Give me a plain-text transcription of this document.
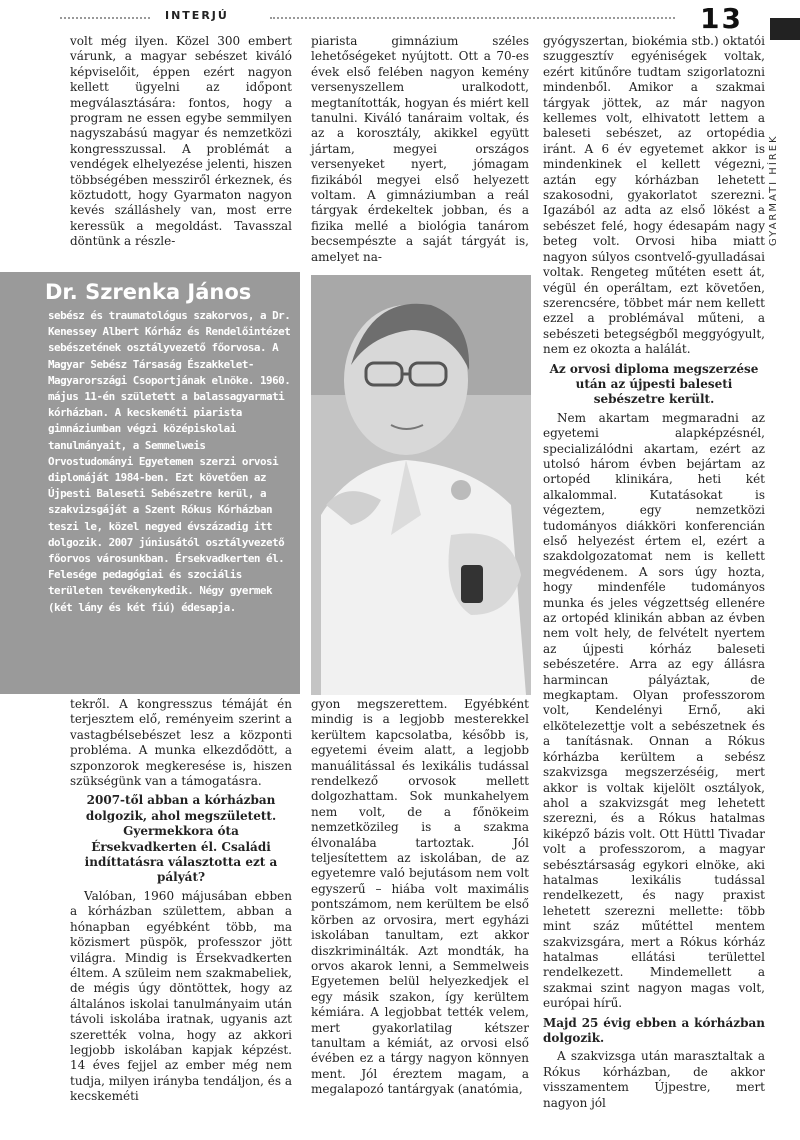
INTERJÚ	13
GYARMATI HÍREK

volt még ilyen. Közel 300 embert várunk, a magyar sebészet kiváló képviselőit, éppen ezért nagyon kellett ügyelni az időpont megválasztására: fontos, hogy a program ne essen egybe semmilyen nagyszabású magyar és nemzetközi kongresszussal. A problémát a vendégek elhelyezése jelenti, hiszen többségében messziről érkeznek, és köztudott, hogy Gyarmaton nagyon kevés szálláshely van, most erre keressük a megoldást. Tavasszal döntünk a részle-

piarista gimnázium széles lehetőségeket nyújtott. Ott a 70-es évek első felében nagyon kemény versenyszellem uralkodott, megtanították, hogyan és miért kell tanulni. Kiváló tanáraim voltak, és az a korosztály, akikkel együtt jártam, megyei országos versenyeket nyert, jómagam fizikából megyei első helyezett voltam. A gimnáziumban a reál tárgyak érdekeltek jobban, és a fizika mellé a biológia tanárom becsempészte a saját tárgyát is, amelyet na-

Dr. Szrenka János
sebész és traumatológus szakorvos, a Dr. Kenessey Albert Kórház és Rendelőintézet sebészetének osztályvezető főorvosa. A Magyar Sebész Társaság Északkelet-Magyarországi Csoportjának elnöke. 1960. május 11-én született a balassagyarmati kórházban. A kecskeméti piarista gimnáziumban végzi középiskolai tanulmányait, a Semmelweis Orvostudományi Egyetemen szerzi orvosi diplomáját 1984-ben. Ezt követően az Újpesti Baleseti Sebészetre kerül, a szakvizsgáját a Szent Rókus Kórházban teszi le, közel negyed évszázadig itt dolgozik. 2007 júniusától osztályvezető főorvos városunkban. Érsekvadkerten él. Felesége pedagógiai és szociális területen tevékenykedik. Négy gyermek (két lány és két fiú) édesapja.

tekről. A kongresszus témáját én terjesztem elő, reményeim szerint a vastagbélsebészet lesz a központi probléma. A munka elkezdődött, a szponzorok megkeresése is, hiszen szükségünk van a támogatásra.

2007-től abban a kórházban dolgozik, ahol megszületett. Gyermekkora óta Érsekvadkerten él. Családi indíttatásra választotta ezt a pályát?

Valóban, 1960 májusában ebben a kórházban születtem, abban a hónapban egyébként több, ma közismert püspök, professzor jött világra. Mindig is Érsekvadkerten éltem. A szüleim nem szakmabeliek, de mégis úgy döntöttek, hogy az általános iskolai tanulmányaim után távoli iskolába iratnak, ugyanis azt szerették volna, hogy az akkori legjobb iskolában kapjak képzést. 14 éves fejjel az ember még nem tudja, milyen irányba tendáljon, és a kecskeméti

gyon megszerettem. Egyébként mindig is a legjobb mesterekkel kerültem kapcsolatba, később is, egyetemi éveim alatt, a legjobb manuálitással és lexikális tudással rendelkező orvosok mellett dolgozhattam. Sok munkahelyem nem volt, de a főnökeim nemzetközileg is a szakma élvonalába tartoztak. Jól teljesítettem az iskolában, de az egyetemre való bejutásom nem volt egyszerű – hiába volt maximális pontszámom, nem kerültem be első körben az orvosira, mert egyházi iskolában tanultam, ezt akkor diszkriminálták. Azt mondták, ha orvos akarok lenni, a Semmelweis Egyetemen belül helyezkedjek el egy másik szakon, így kerültem kémiára. A legjobbat tették velem, mert gyakorlatilag kétszer tanultam a kémiát, az orvosi első évében ez a tárgy nagyon könnyen ment. Jól éreztem magam, a megalapozó tantárgyak (anatómia,

gyógyszertan, biokémia stb.) oktatói szuggesztív egyéniségek voltak, ezért kitűnőre tudtam szigorlatozni mindenből. Amikor a szakmai tárgyak jöttek, az már nagyon kellemes volt, elhivatott lettem a baleseti sebészet, az ortopédia iránt. A 6 év egyetemet akkor is mindenkinek el kellett végezni, aztán egy kórházban lehetett szakosodni, gyakorlatot szerezni. Igazából az adta az első lökést a sebészet felé, hogy édesapám nagy beteg volt. Orvosi hiba miatt nagyon súlyos csontvelő-gyulladásai voltak. Rengeteg műtéten esett át, végül én operáltam, ezt követően, szerencsére, többet már nem kellett ezzel a problémával műteni, a sebészeti betegségből meggyógyult, nem ez okozta a halálát.

Az orvosi diploma megszerzése után az újpesti baleseti sebészetre került.

Nem akartam megmaradni az egyetemi alapképzésnél, specializálódni akartam, ezért az utolsó három évben bejártam az ortopéd klinikára, heti két alkalommal. Kutatásokat is végeztem, egy nemzetközi tudományos diákköri konferencián első helyezést értem el, ezért a szakdolgozatomat nem is kellett megvédenem. A sors úgy hozta, hogy mindenféle tudományos munka és jeles végzettség ellenére az ortopéd klinikán abban az évben nem volt hely, de felvételt nyertem az újpesti kórház baleseti sebészetére. Arra az egy állásra harmincan pályáztak, de megkaptam. Olyan professzorom volt, Kendelényi Ernő, aki elkötelezettje volt a sebészetnek és a tanításnak. Onnan a Rókus kórházba kerültem a sebész szakvizsga megszerzéséig, mert akkor is voltak kijelölt osztályok, ahol a szakvizsgát meg lehetett szerezni, és a Rókus hatalmas kiképző bázis volt. Ott Hüttl Tivadar volt a professzorom, a magyar sebésztársaság egykori elnöke, aki hatalmas lexikális tudással rendelkezett, és nagy praxist lehetett szerezni mellette: több mint száz műtéttel mentem szakvizsgára, mert a Rókus kórház hatalmas ellátási területtel rendelkezett. Mindemellett a szakmai szint nagyon magas volt, európai hírű.

Majd 25 évig ebben a kórházban dolgozik.

A szakvizsga után marasztaltak a Rókus kórházban, de akkor visszamentem Újpestre, mert nagyon jól
